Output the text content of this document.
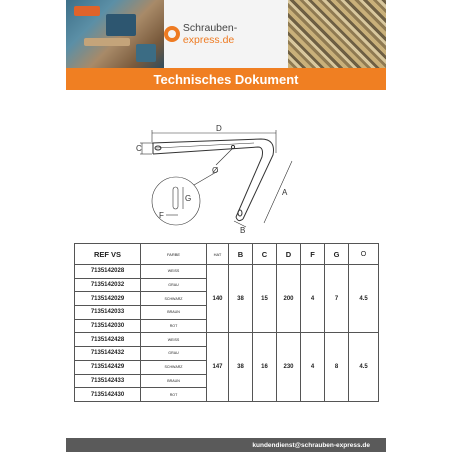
Schrauben-express.de
Technisches Dokument
D
C
A
B
Ø
G
F
REF VS	FARBE	HAT	B	C	D	F	G	O
7135142028	WEISS	140	38	15	200	4	7	4.5
7135142032	GRAU							
7135142029	SCHWARZ							
7135142033	BRAUN							
7135142030	ROT							
7135142428	WEISS	147	38	16	230	4	8	4.5
7135142432	GRAU							
7135142429	SCHWARZ							
7135142433	BRAUN							
7135142430	ROT							
kundendienst@schrauben-express.de
